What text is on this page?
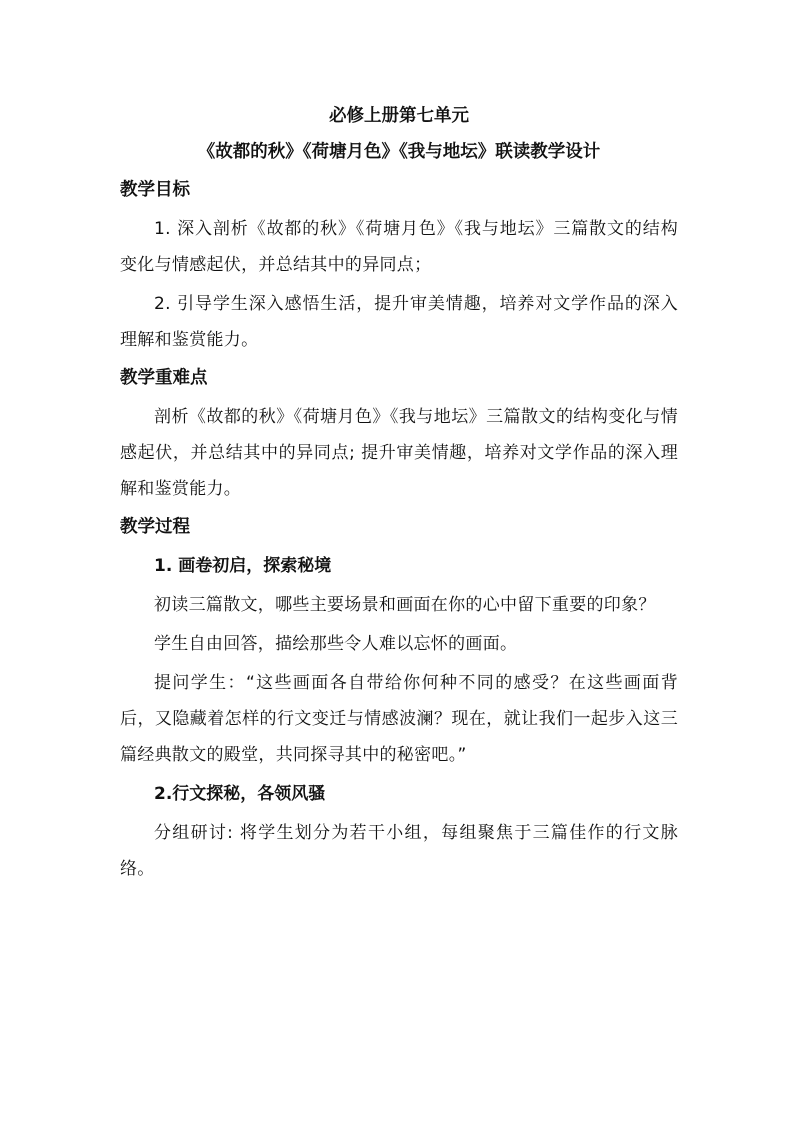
必修上册第七单元
《故都的秋》《荷塘月色》《我与地坛》联读教学设计
教学目标
1. 深入剖析《故都的秋》《荷塘月色》《我与地坛》三篇散文的结构变化与情感起伏，并总结其中的异同点；
2. 引导学生深入感悟生活，提升审美情趣，培养对文学作品的深入理解和鉴赏能力。
教学重难点
剖析《故都的秋》《荷塘月色》《我与地坛》三篇散文的结构变化与情感起伏，并总结其中的异同点; 提升审美情趣，培养对文学作品的深入理解和鉴赏能力。
教学过程
1. 画卷初启，探索秘境
初读三篇散文，哪些主要场景和画面在你的心中留下重要的印象？
学生自由回答，描绘那些令人难以忘怀的画面。
提问学生：“这些画面各自带给你何种不同的感受？在这些画面背后，又隐藏着怎样的行文变迁与情感波澜？现在，就让我们一起步入这三篇经典散文的殿堂，共同探寻其中的秘密吧。”
2.行文探秘，各领风骚
分组研讨: 将学生划分为若干小组，每组聚焦于三篇佳作的行文脉络。
